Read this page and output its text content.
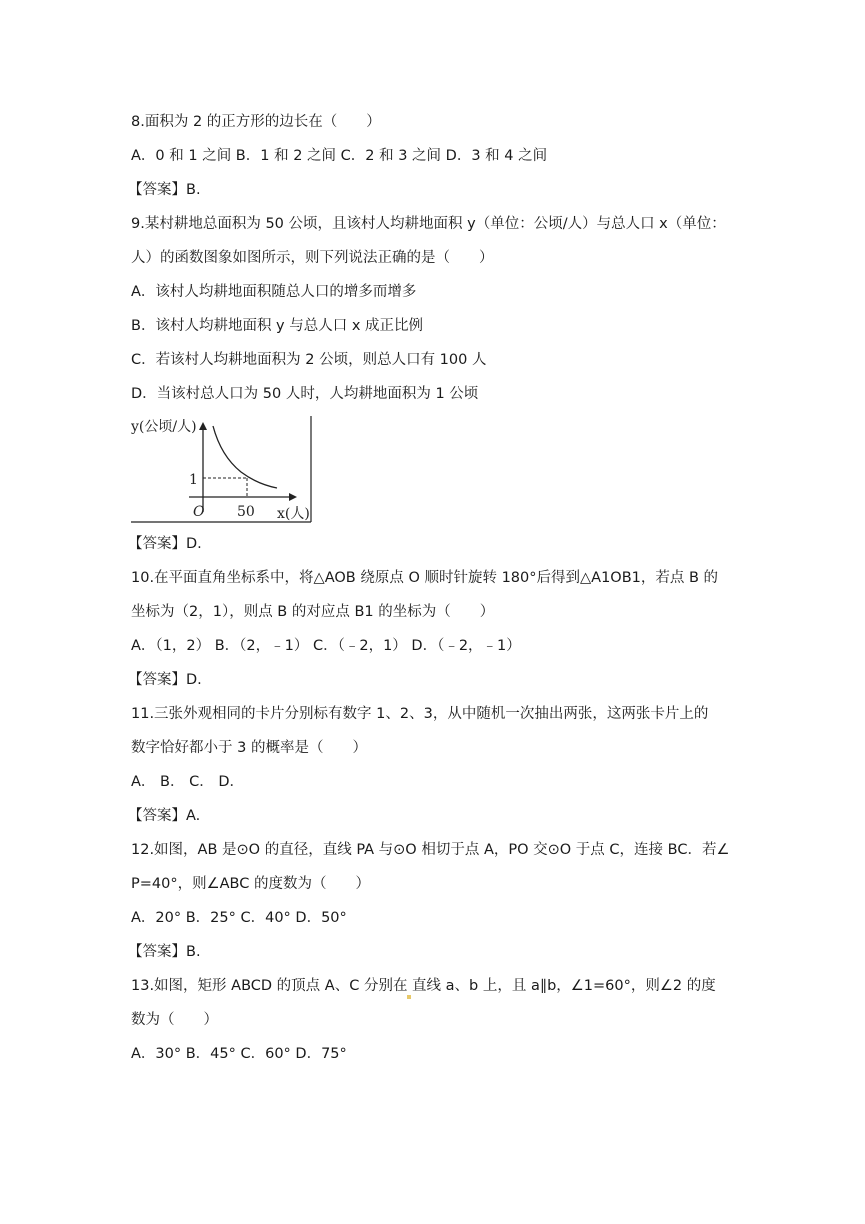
8.面积为 2 的正方形的边长在（　　）
A．0 和 1 之间 B．1 和 2 之间 C．2 和 3 之间 D．3 和 4 之间
【答案】B.
9.某村耕地总面积为 50 公顷，且该村人均耕地面积 y（单位：公顷/人）与总人口 x（单位：
人）的函数图象如图所示，则下列说法正确的是（　　）
A．该村人均耕地面积随总人口的增多而增多
B．该村人均耕地面积 y 与总人口 x 成正比例
C．若该村人均耕地面积为 2 公顷，则总人口有 100 人
D．当该村总人口为 50 人时，人均耕地面积为 1 公顷
y(公顷/人)
1
O 50 x(人)
【答案】D.
10.在平面直角坐标系中，将△AOB 绕原点 O 顺时针旋转 180°后得到△A1OB1，若点 B 的
坐标为（2，1），则点 B 的对应点 B1 的坐标为（　　）
A．（1，2） B．（2，﹣1） C．（﹣2，1） D．（﹣2，﹣1）
【答案】D.
11.三张外观相同的卡片分别标有数字 1、2、3，从中随机一次抽出两张，这两张卡片上的
数字恰好都小于 3 的概率是（　　）
A． B． C． D．
【答案】A.
12.如图，AB 是⊙O 的直径，直线 PA 与⊙O 相切于点 A，PO 交⊙O 于点 C，连接 BC．若∠
P=40°，则∠ABC 的度数为（　　）
A．20° B．25° C．40° D．50°
【答案】B.
13.如图，矩形 ABCD 的顶点 A、C 分别在 直线 a、b 上，且 a∥b，∠1=60°，则∠2 的度
数为（　　）
A．30° B．45° C．60° D．75°
